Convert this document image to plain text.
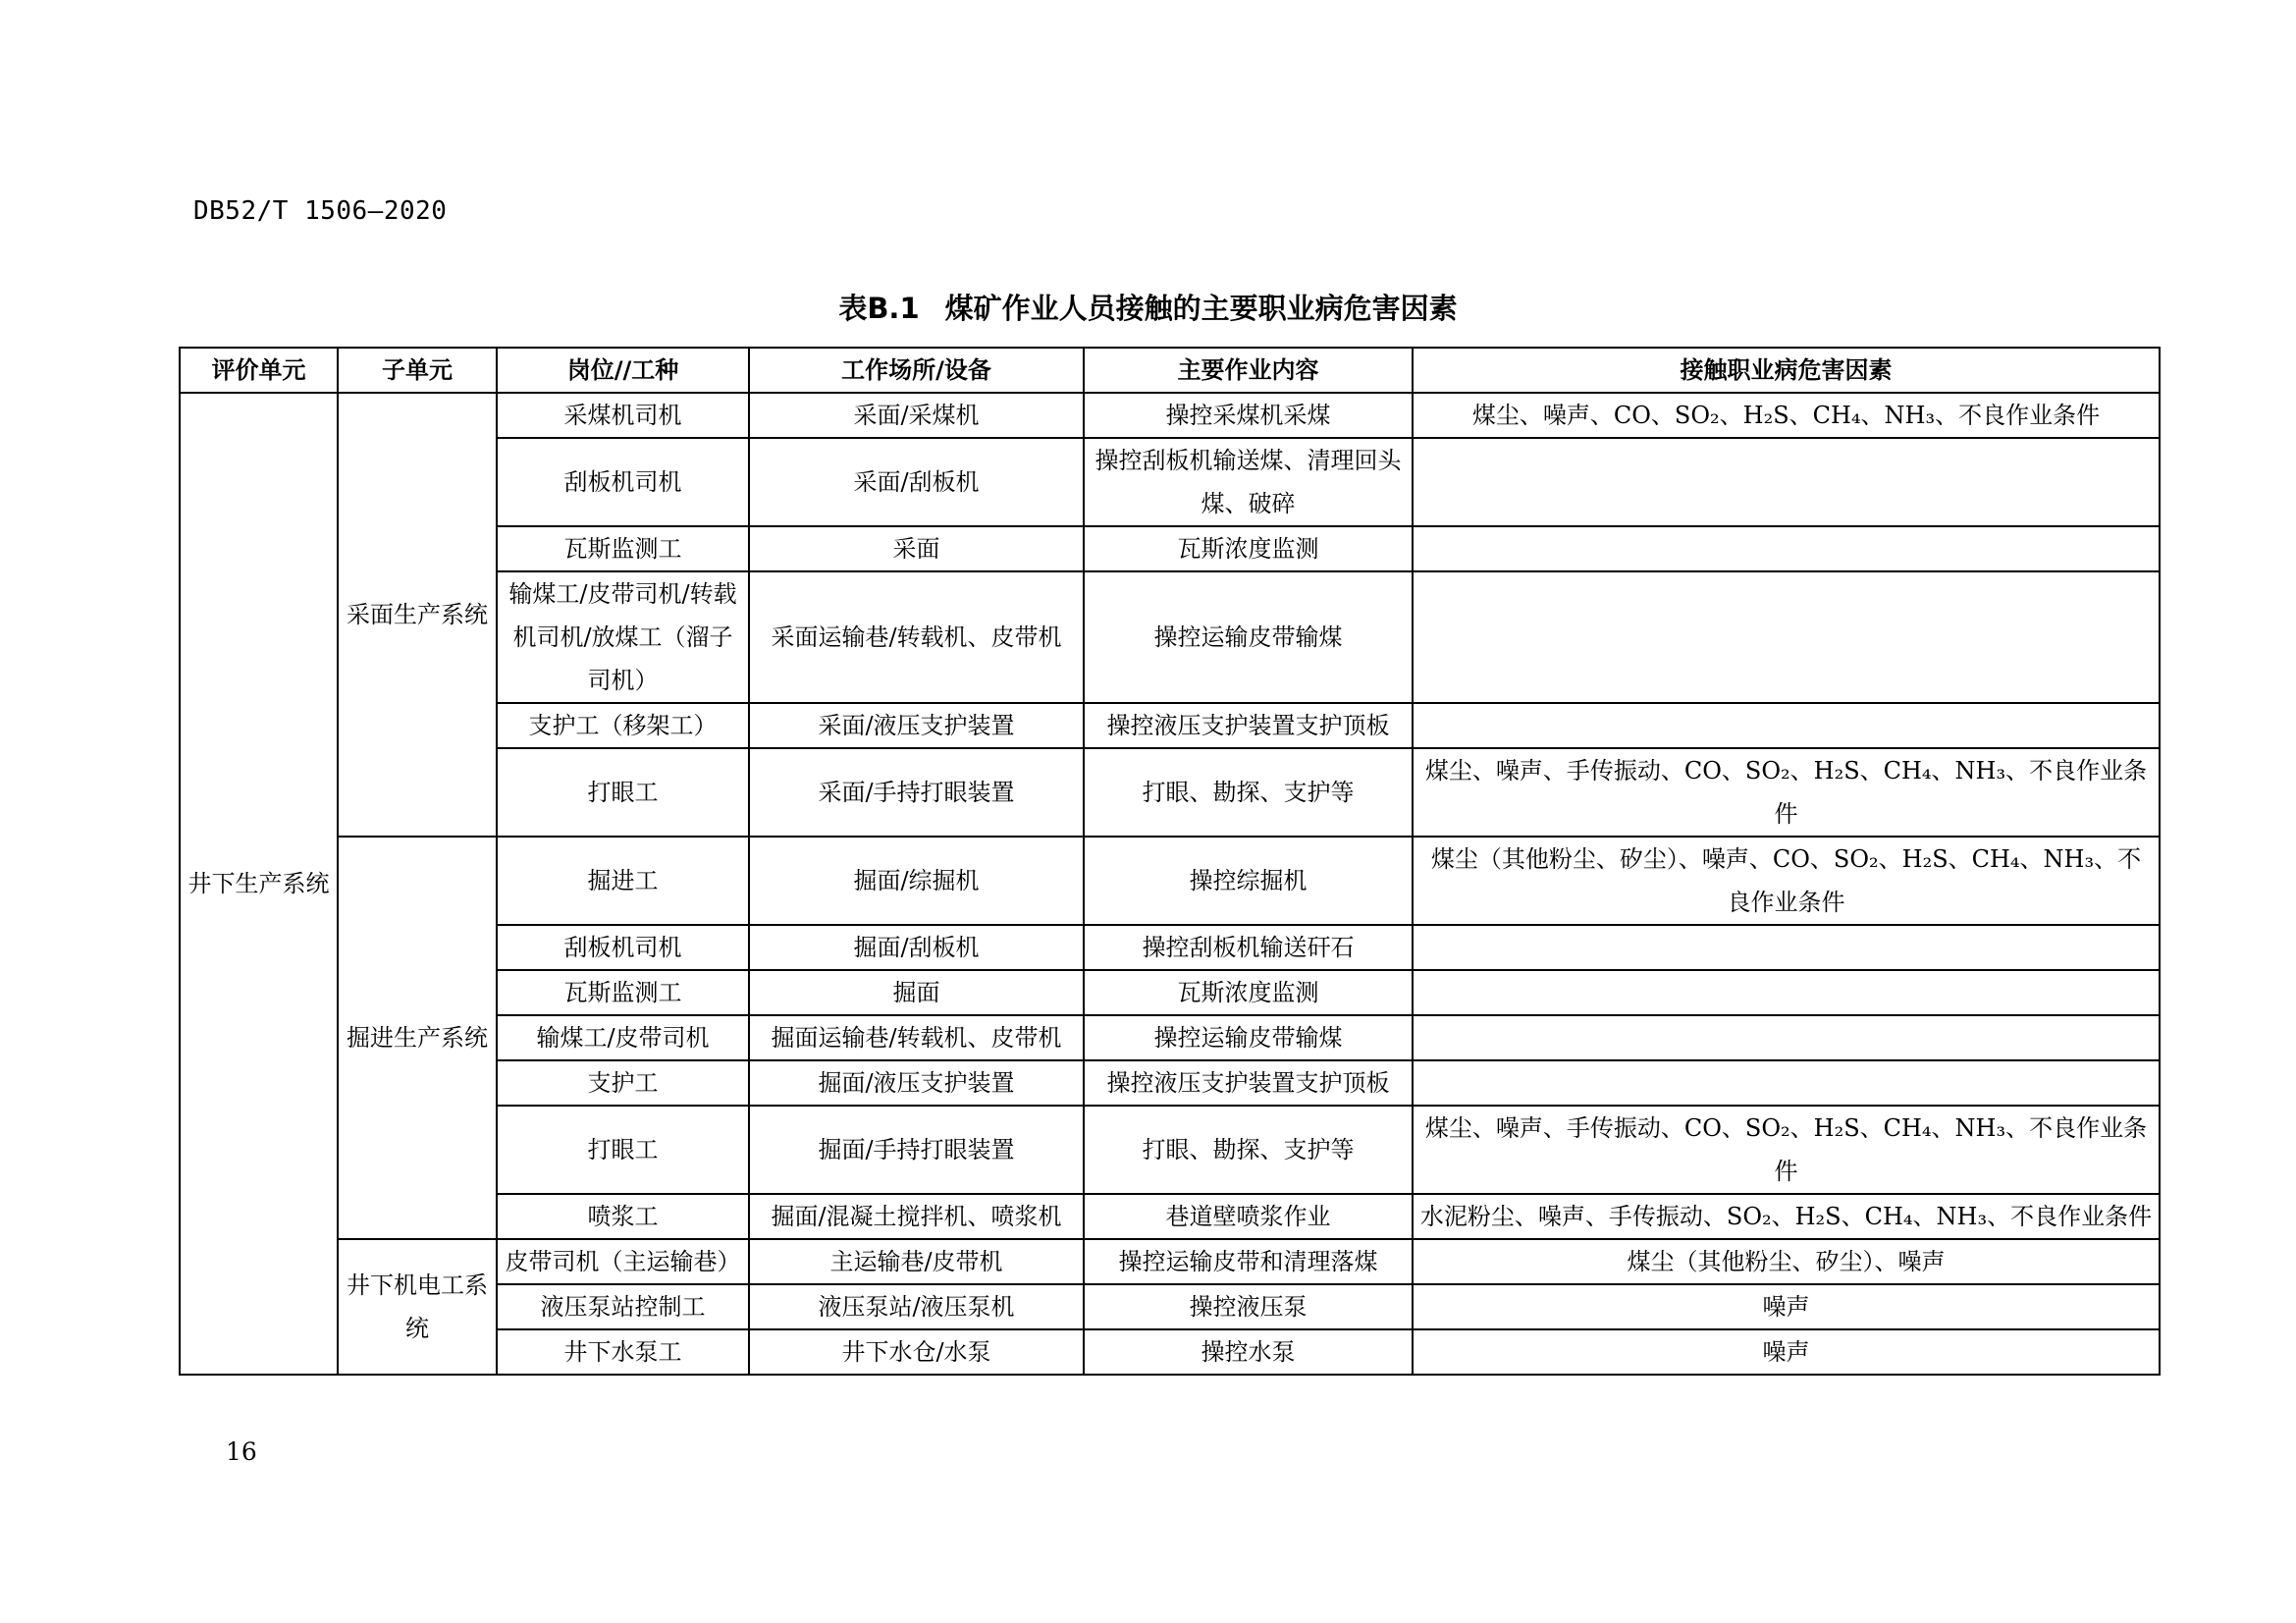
DB52/T 1506—2020
表B.1 煤矿作业人员接触的主要职业病危害因素
评价单元	子单元	岗位//工种	工作场所/设备	主要作业内容	接触职业病危害因素
井下生产系统	采面生产系统	采煤机司机	采面/采煤机	操控采煤机采煤	煤尘、噪声、CO、SO₂、H₂S、CH₄、NH₃、不良作业条件
		刮板机司机	采面/刮板机	操控刮板机输送煤、清理回头煤、破碎	
		瓦斯监测工	采面	瓦斯浓度监测	
		输煤工/皮带司机/转载机司机/放煤工（溜子司机）	采面运输巷/转载机、皮带机	操控运输皮带输煤	
		支护工（移架工）	采面/液压支护装置	操控液压支护装置支护顶板	
		打眼工	采面/手持打眼装置	打眼、勘探、支护等	煤尘、噪声、手传振动、CO、SO₂、H₂S、CH₄、NH₃、不良作业条件
	掘进生产系统	掘进工	掘面/综掘机	操控综掘机	煤尘（其他粉尘、矽尘）、噪声、CO、SO₂、H₂S、CH₄、NH₃、不良作业条件
		刮板机司机	掘面/刮板机	操控刮板机输送矸石	
		瓦斯监测工	掘面	瓦斯浓度监测	
		输煤工/皮带司机	掘面运输巷/转载机、皮带机	操控运输皮带输煤	
		支护工	掘面/液压支护装置	操控液压支护装置支护顶板	
		打眼工	掘面/手持打眼装置	打眼、勘探、支护等	煤尘、噪声、手传振动、CO、SO₂、H₂S、CH₄、NH₃、不良作业条件
		喷浆工	掘面/混凝土搅拌机、喷浆机	巷道壁喷浆作业	水泥粉尘、噪声、手传振动、SO₂、H₂S、CH₄、NH₃、不良作业条件
	井下机电工系统	皮带司机（主运输巷）	主运输巷/皮带机	操控运输皮带和清理落煤	煤尘（其他粉尘、矽尘）、噪声
		液压泵站控制工	液压泵站/液压泵机	操控液压泵	噪声
		井下水泵工	井下水仓/水泵	操控水泵	噪声
16
